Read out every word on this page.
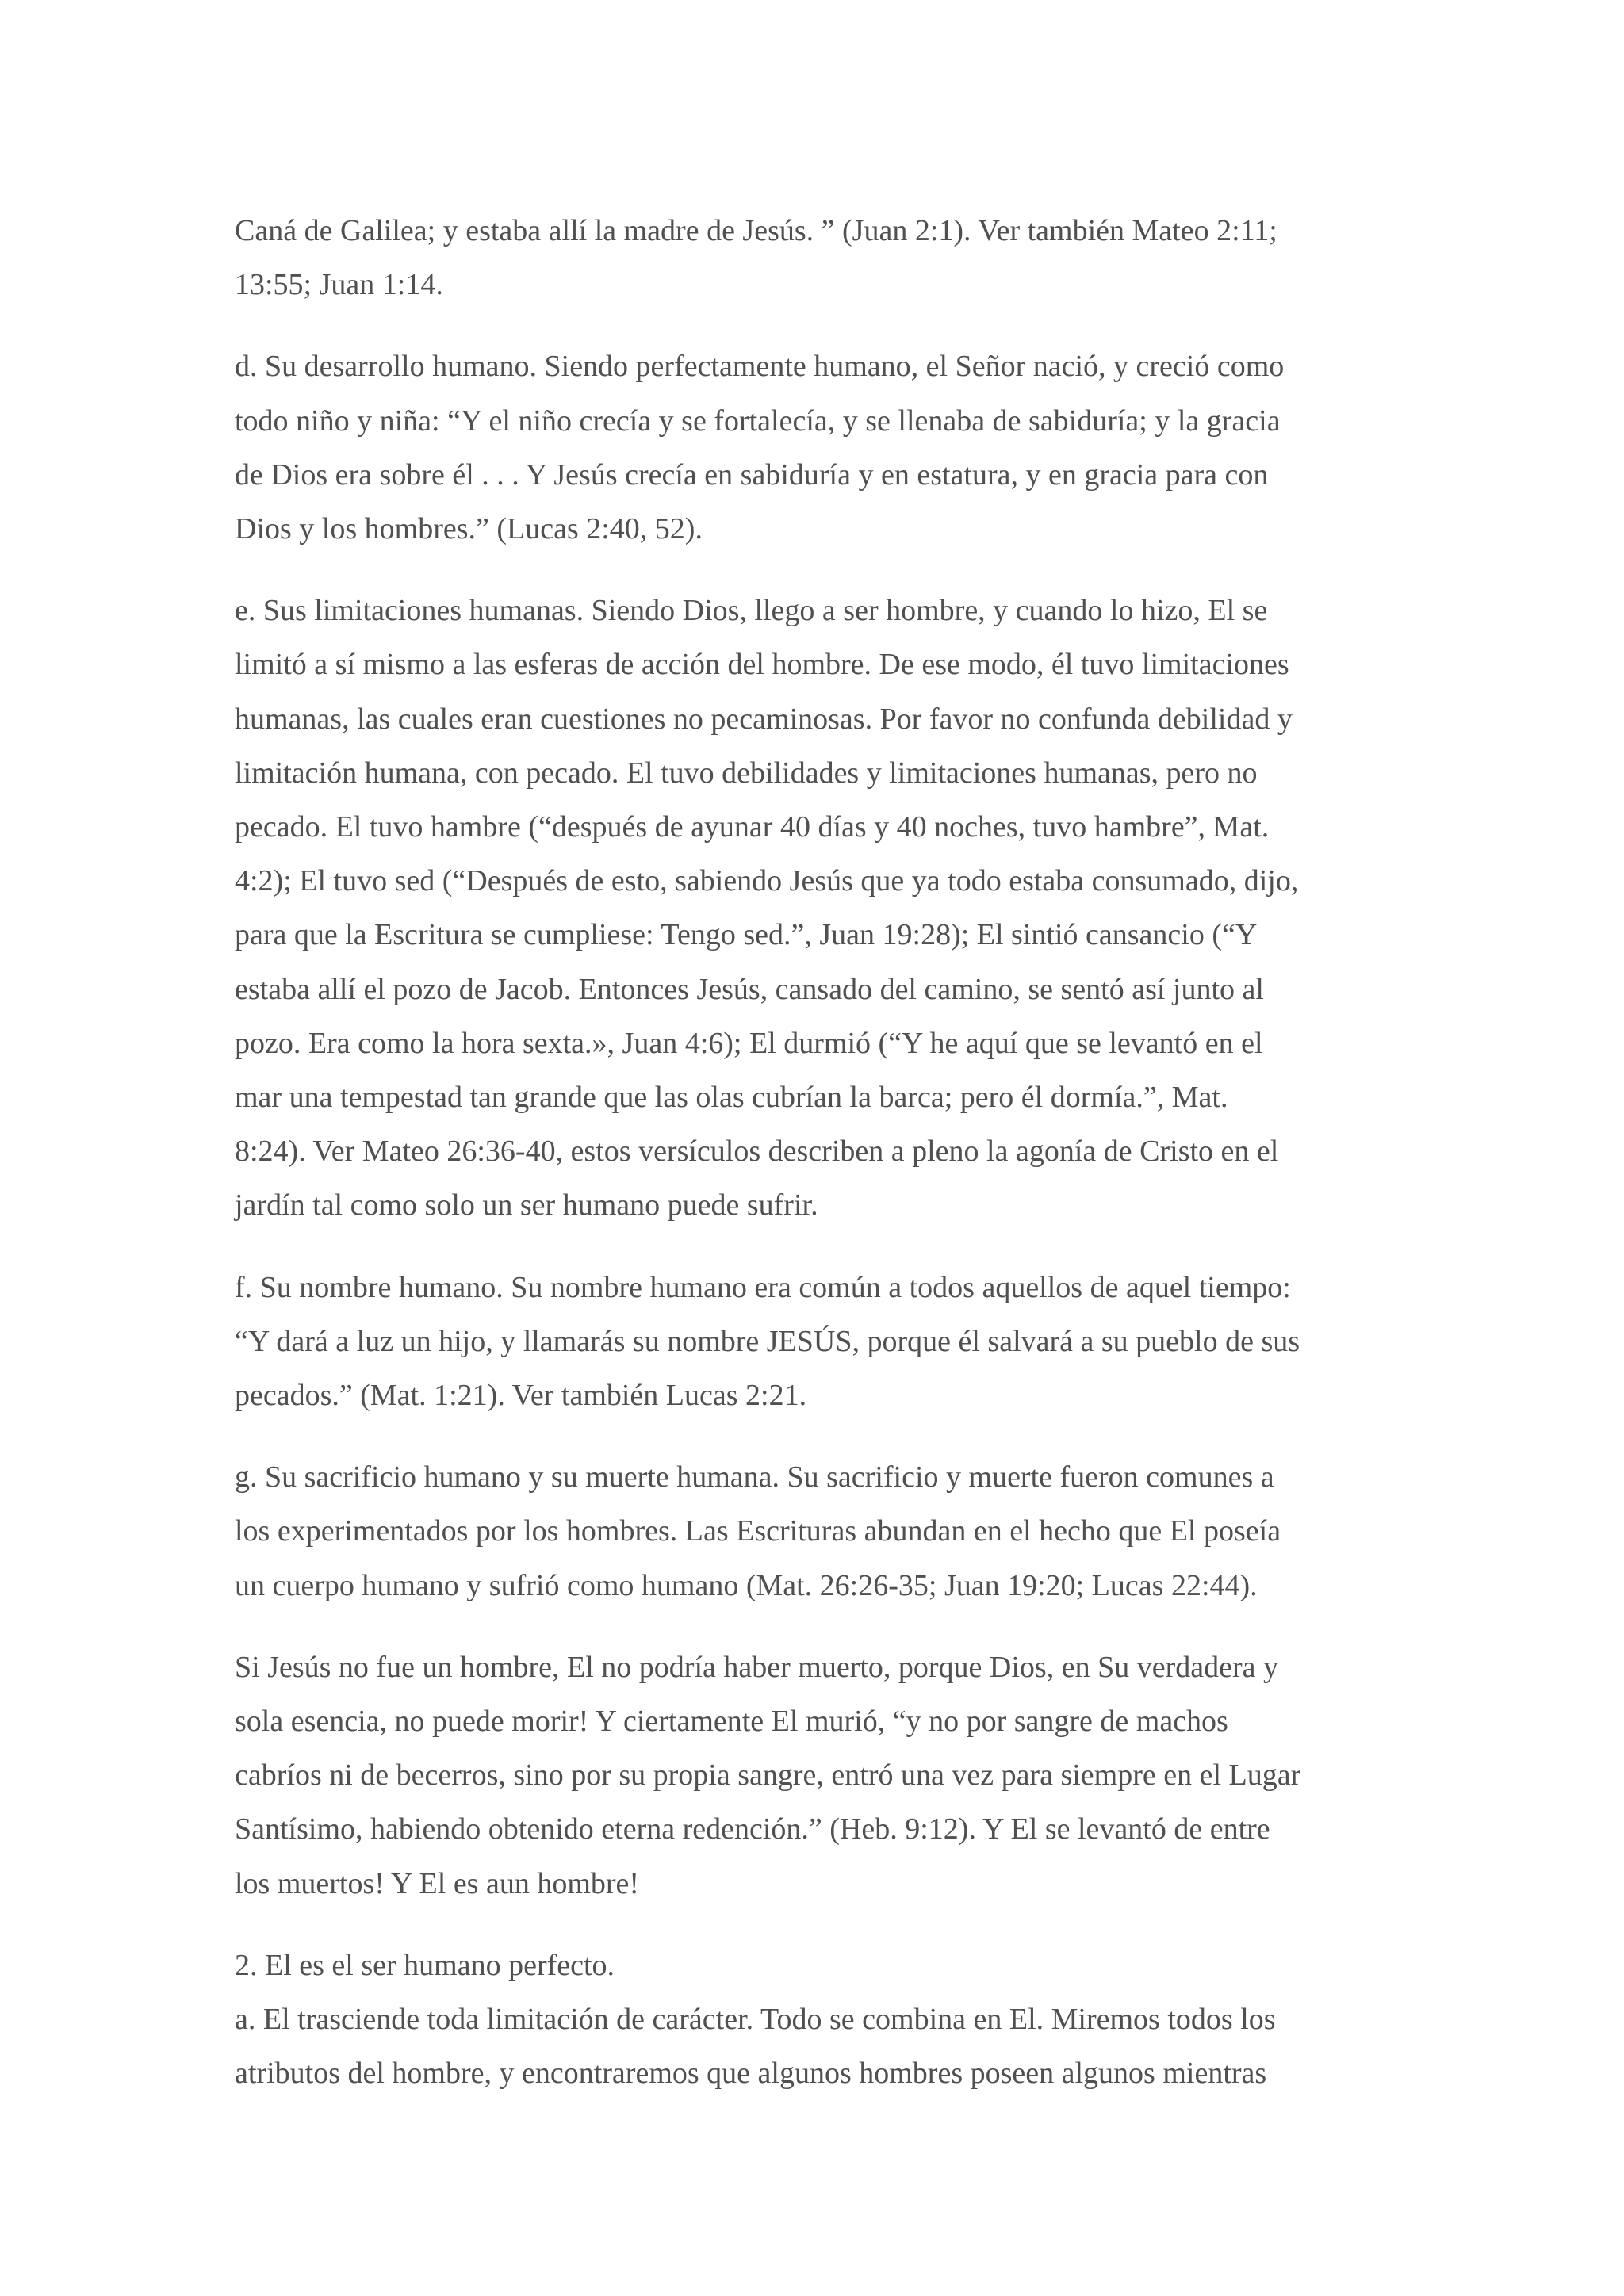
Caná de Galilea; y estaba allí la madre de Jesús. ” (Juan 2:1). Ver también Mateo 2:11;
13:55; Juan 1:14.

d. Su desarrollo humano. Siendo perfectamente humano, el Señor nació, y creció como
todo niño y niña: “Y el niño crecía y se fortalecía, y se llenaba de sabiduría; y la gracia
de Dios era sobre él . . . Y Jesús crecía en sabiduría y en estatura, y en gracia para con
Dios y los hombres.” (Lucas 2:40, 52).

e. Sus limitaciones humanas. Siendo Dios, llego a ser hombre, y cuando lo hizo, El se
limitó a sí mismo a las esferas de acción del hombre. De ese modo, él tuvo limitaciones
humanas, las cuales eran cuestiones no pecaminosas. Por favor no confunda debilidad y
limitación humana, con pecado. El tuvo debilidades y limitaciones humanas, pero no
pecado. El tuvo hambre (“después de ayunar 40 días y 40 noches, tuvo hambre”, Mat.
4:2); El tuvo sed (“Después de esto, sabiendo Jesús que ya todo estaba consumado, dijo,
para que la Escritura se cumpliese: Tengo sed.”, Juan 19:28); El sintió cansancio (“Y
estaba allí el pozo de Jacob. Entonces Jesús, cansado del camino, se sentó así junto al
pozo. Era como la hora sexta.», Juan 4:6); El durmió (“Y he aquí que se levantó en el
mar una tempestad tan grande que las olas cubrían la barca; pero él dormía.”, Mat.
8:24). Ver Mateo 26:36-40, estos versículos describen a pleno la agonía de Cristo en el
jardín tal como solo un ser humano puede sufrir.

f. Su nombre humano. Su nombre humano era común a todos aquellos de aquel tiempo:
“Y dará a luz un hijo, y llamarás su nombre JESÚS, porque él salvará a su pueblo de sus
pecados.” (Mat. 1:21). Ver también Lucas 2:21.

g. Su sacrificio humano y su muerte humana. Su sacrificio y muerte fueron comunes a
los experimentados por los hombres. Las Escrituras abundan en el hecho que El poseía
un cuerpo humano y sufrió como humano (Mat. 26:26-35; Juan 19:20; Lucas 22:44).

Si Jesús no fue un hombre, El no podría haber muerto, porque Dios, en Su verdadera y
sola esencia, no puede morir! Y ciertamente El murió, “y no por sangre de machos
cabríos ni de becerros, sino por su propia sangre, entró una vez para siempre en el Lugar
Santísimo, habiendo obtenido eterna redención.” (Heb. 9:12). Y El se levantó de entre
los muertos! Y El es aun hombre!

2. El es el ser humano perfecto.

a. El trasciende toda limitación de carácter. Todo se combina en El. Miremos todos los
atributos del hombre, y encontraremos que algunos hombres poseen algunos mientras
